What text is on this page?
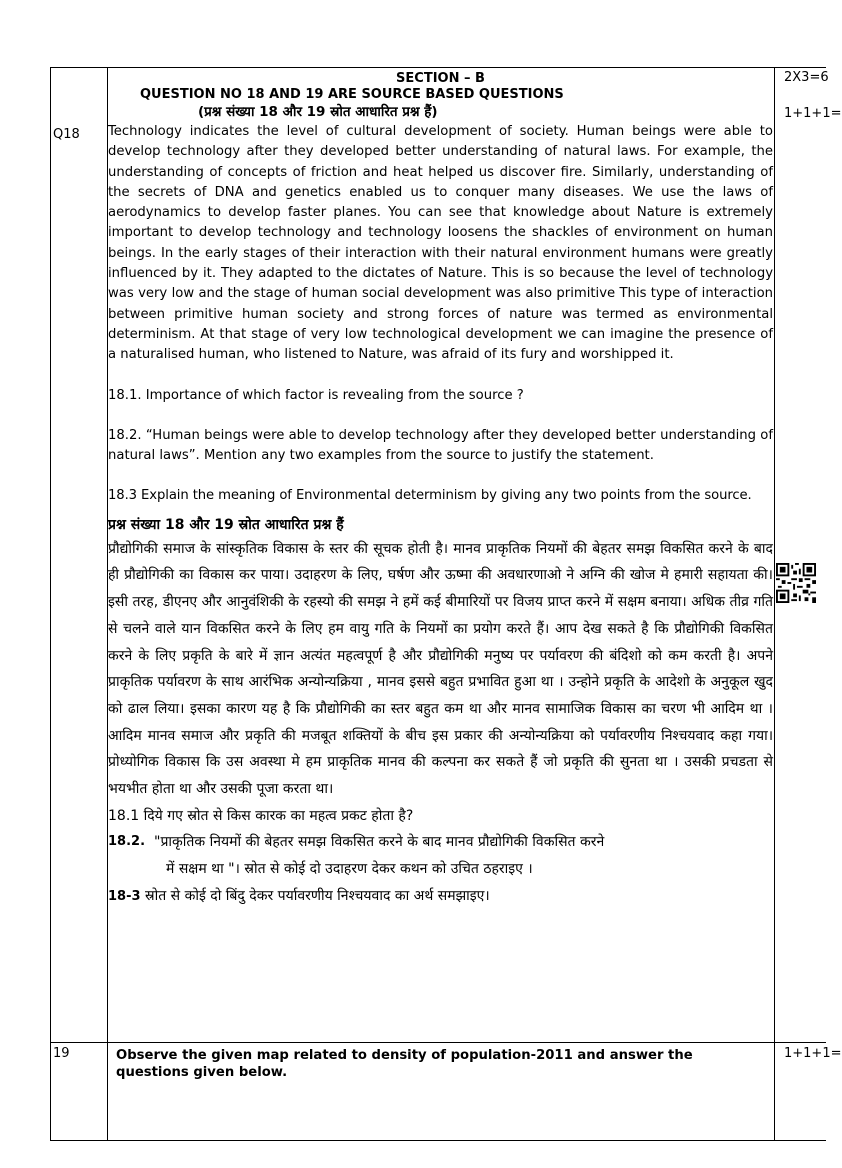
Q18
19
2X3=6
1+1+1=
1+1+1=
SECTION – B
QUESTION NO 18 AND 19 ARE SOURCE BASED QUESTIONS
(प्रश्न संख्या 18 और 19 स्रोत आधारित प्रश्न हैं)

Technology indicates the level of cultural development of society. Human beings were able to develop technology after they developed better understanding of natural laws. For example, the understanding of concepts of friction and heat helped us discover fire. Similarly, understanding of the secrets of DNA and genetics enabled us to conquer many diseases. We use the laws of aerodynamics to develop faster planes. You can see that knowledge about Nature is extremely important to develop technology and technology loosens the shackles of environment on human beings. In the early stages of their interaction with their natural environment humans were greatly influenced by it. They adapted to the dictates of Nature. This is so because the level of technology was very low and the stage of human social development was also primitive This type of interaction between primitive human society and strong forces of nature was termed as environmental determinism. At that stage of very low technological development we can imagine the presence of a naturalised human, who listened to Nature, was afraid of its fury and worshipped it.

18.1. Importance of which factor is revealing from the source ?

18.2. “Human beings were able to develop technology after they developed better understanding of natural laws”. Mention any two examples from the source to justify the statement.

18.3 Explain the meaning of Environmental determinism by giving any two points from the source.

प्रश्न संख्या 18 और 19 स्रोत आधारित प्रश्न हैं

प्रौद्योगिकी समाज के सांस्कृतिक विकास के स्तर की सूचक होती है। मानव प्राकृतिक नियमों की बेहतर समझ विकसित करने के बाद ही प्रौद्योगिकी का विकास कर पाया। उदाहरण के लिए, घर्षण और ऊष्मा की अवधारणाओ ने अग्नि की खोज मे हमारी सहायता की। इसी तरह, डीएनए और आनुवंशिकी के रहस्यो की समझ ने हमें कई बीमारियों पर विजय प्राप्त करने में सक्षम बनाया। अधिक तीव्र गति से चलने वाले यान विकसित करने के लिए हम वायु गति के नियमों का प्रयोग करते हैं। आप देख सकते है कि प्रौद्योगिकी विकसित करने के लिए प्रकृति के बारे में ज्ञान अत्यंत महत्वपूर्ण है और प्रौद्योगिकी मनुष्य पर पर्यावरण की बंदिशो को कम करती है। अपने प्राकृतिक पर्यावरण के साथ आरंभिक अन्योन्यक्रिया , मानव इससे बहुत प्रभावित हुआ था । उन्होने प्रकृति के आदेशो के अनुकूल खुद को ढाल लिया। इसका कारण यह है कि प्रौद्योगिकी का स्तर बहुत कम था और मानव सामाजिक विकास का चरण भी आदिम था ।आदिम मानव समाज और प्रकृति की मजबूत शक्तियों के बीच इस प्रकार की अन्योन्यक्रिया को पर्यावरणीय निश्चयवाद कहा गया। प्रोध्योगिक विकास कि उस अवस्था मे हम प्राकृतिक मानव की कल्पना कर सकते हैं जो प्रकृति की सुनता था । उसकी प्रचडता से भयभीत होता था और उसकी पूजा करता था।

18.1 दिये गए स्रोत से किस कारक का महत्व प्रकट होता है?

18.2. "प्राकृतिक नियमों की बेहतर समझ विकसित करने के बाद मानव प्रौद्योगिकी विकसित करने

में सक्षम था "। स्रोत से कोई दो उदाहरण देकर कथन को उचित ठहराइए ।

18-3 स्रोत से कोई दो बिंदु देकर पर्यावरणीय निश्चयवाद का अर्थ समझाइए।

Observe the given map related to density of population-2011 and answer the questions given below.
